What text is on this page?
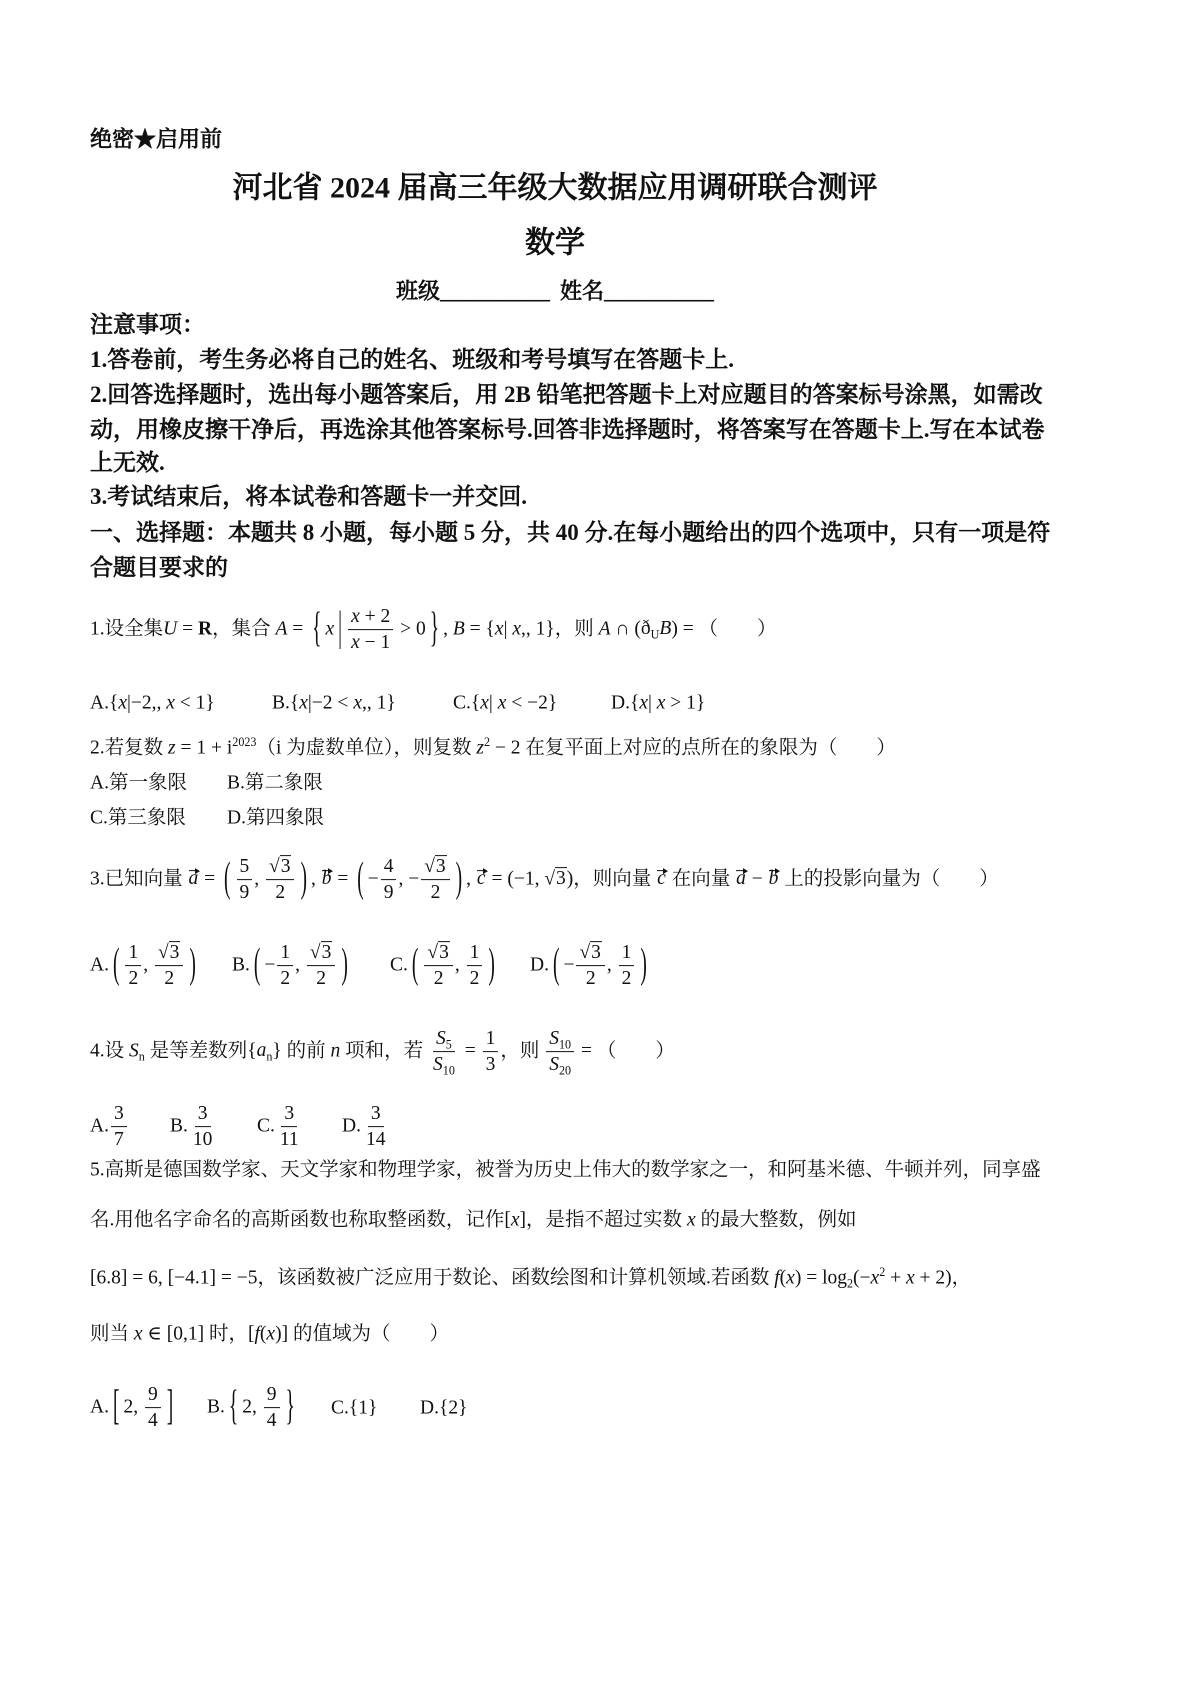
绝密★启用前
河北省 2024 届高三年级大数据应用调研联合测评
数学
班级__________ 姓名__________
注意事项：
1.答卷前，考生务必将自己的姓名、班级和考号填写在答题卡上.
2.回答选择题时，选出每小题答案后，用 2B 铅笔把答题卡上对应题目的答案标号涂黑，如需改
动，用橡皮擦干净后，再选涂其他答案标号.回答非选择题时，将答案写在答题卡上.写在本试卷
上无效.
3.考试结束后，将本试卷和答题卡一并交回.
一、选择题：本题共 8 小题，每小题 5 分，共 40 分.在每小题给出的四个选项中，只有一项是符
合题目要求的
1.设全集U = R，集合 A = { x | $\frac{x + 2}{x - 1} > 0$ } , B = {x| x,, 1}，则 A ∩ $(ð_UB)$ = （　　）
A.{x|−2,, x < 1}	B.{x|−2 < x,, 1}	C.{x| x < −2}	D.{x| x > 1}
2.若复数 $z = 1 + i^{2023}(i$ 为虚数单位），则复数 $z^2 - 2$ 在复平面上对应的点所在的象限为（　　）
A.第一象限 B.第二象限
C.第三象限 D.第四象限
3.已知向量 a = ( $\frac{5}{9}$ , $\frac{√3}{2}$ ) , b = ( − $\frac{4}{9}$ , − $\frac{√3}{2}$ ) , c = (−1, √3)，则向量 c 在向量 a − b 上的投影向量为（　　）
A. ( $\frac{1}{2}$ , $\frac{√3}{2}$ ) B. ( − $\frac{1}{2}$ , $\frac{√3}{2}$ ) C. ( $\frac{√3}{2}$ , $\frac{1}{2}$ ) D. ( − $\frac{√3}{2}$ , $\frac{1}{2}$ )
4.设 $S_n$ 是等差数列$\{a_n\}$ 的前 n 项和，若 $\frac{S_5}{S_{10}} = \frac{1}{3}$ ，则 $\frac{S_{10}}{S_{20}}$ = （　　）
A. $\frac{3}{7} B$. $\frac{3}{10} C$. $\frac{3}{11} D$. $\frac{3}{14}$
5.高斯是德国数学家、天文学家和物理学家，被誉为历史上伟大的数学家之一，和阿基米德、牛顿并列，同享盛
名.用他名字命名的高斯函数也称取整函数，记作[x]，是指不超过实数 x 的最大整数，例如
[6.8] = 6, [−4.1] = −5，该函数被广泛应用于数论、函数绘图和计算机领域.若函数 $f(x) = \log_2(-x^2 + x + 2)$，
则当 x ∈ [0,1] 时，[f(x)] 的值域为（　　）
A. [ 2, $\frac{9}{4}$ ] B. { 2, $\frac{9}{4}$ } C.{1} D.{2}
